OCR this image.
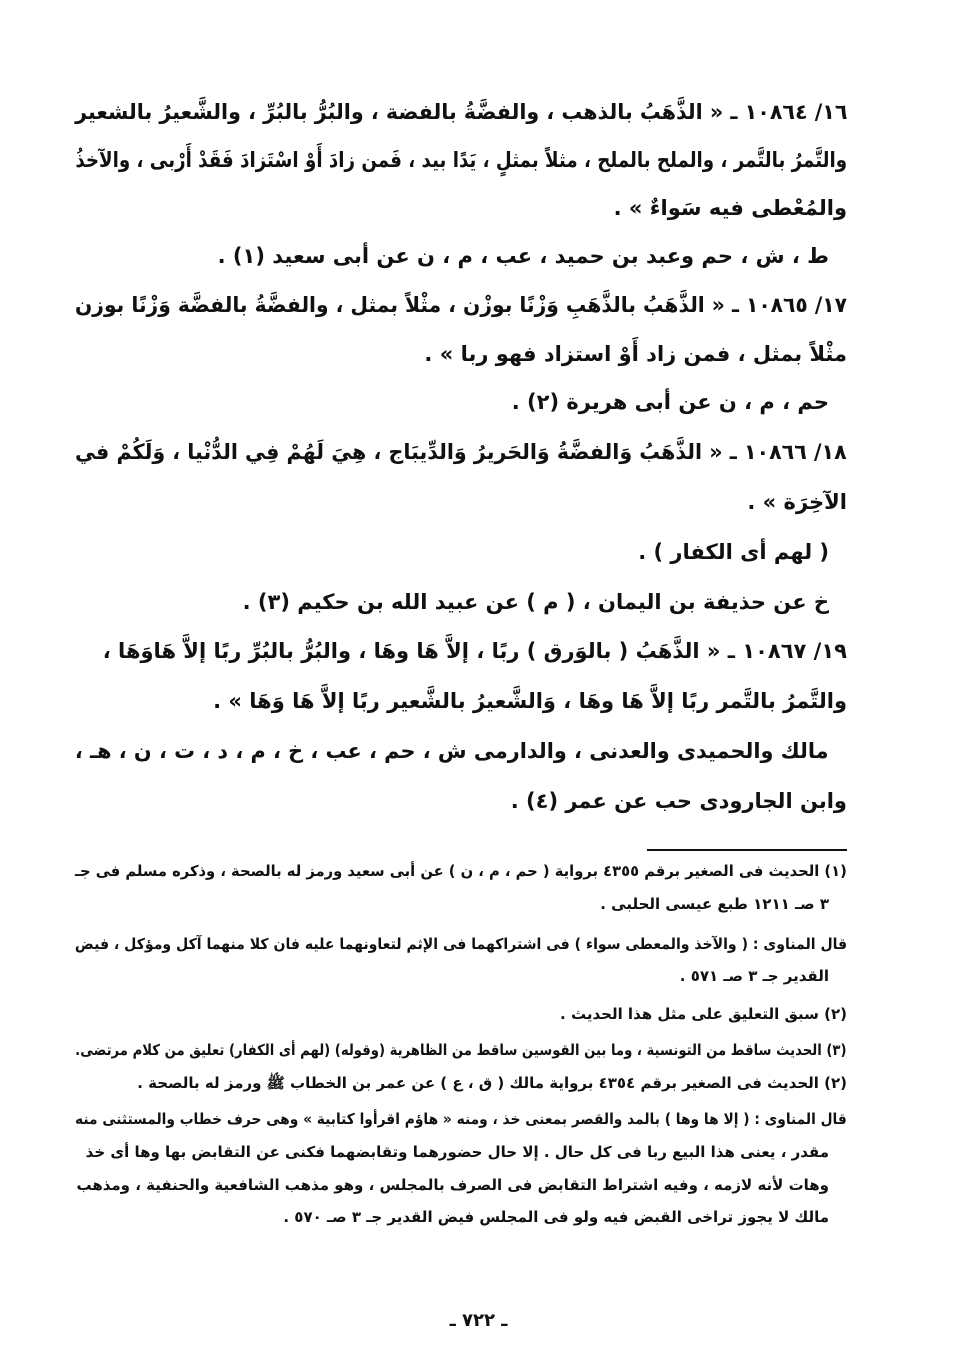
١٦/ ١٠٨٦٤ ـ « الذَّهَبُ بالذهب ، والفضَّةُ بالفضة ، والبُرُّ بالبُرِّ ، والشَّعيرُ بالشعير
والتَّمرُ بالتَّمر ، والملح بالملح ، مثلاً بمثلٍ ، يَدًا بيد ، فَمن زادَ أَوْ اسْتَزادَ فَقَدْ أَرْبى ، والآخذُ
والمُعْطى فيه سَواءٌ » .
ط ، ش ، حم وعبد بن حميد ، عب ، م ، ن عن أبى سعيد (١) .
١٧/ ١٠٨٦٥ ـ « الذَّهَبُ بالذَّهَبِ وَزْنًا بوزْن ، مثْلاً بمثل ، والفضَّةُ بالفضَّة وَزْنًا بوزن
مثْلاً بمثل ، فمن زاد أَوْ استزاد فهو ربا » .
حم ، م ، ن عن أبى هريرة (٢) .
١٨/ ١٠٨٦٦ ـ « الذَّهَبُ وَالفضَّةُ وَالحَريرُ وَالدِّيبَاج ، هِيَ لَهُمْ فِي الدُّنْيا ، وَلَكُمْ في
الآخِرَة » .
( لهم أى الكفار ) .
خ عن حذيفة بن اليمان ، ( م ) عن عبيد الله بن حكيم (٣) .
١٩/ ١٠٨٦٧ ـ « الذَّهَبُ ( بالوَرق ) ربًا ، إلاَّ هَا وهَا ، والبُرُّ بالبُرِّ ربًا إلاَّ هَاوَهَا ،
والتَّمرُ بالتَّمر ربًا إلاَّ هَا وهَا ، وَالشَّعيرُ بالشَّعير ربًا إلاَّ هَا وَهَا » .
مالك والحميدى والعدنى ، والدارمى ش ، حم ، عب ، خ ، م ، د ، ت ، ن ، هـ ،
وابن الجارودى حب عن عمر (٤) .
(١) الحديث فى الصغير برقم ٤٣٥٥ برواية ( حم ، م ، ن ) عن أبى سعيد ورمز له بالصحة ، وذكره مسلم فى جـ
٣ صـ ١٢١١ طبع عيسى الحلبى .
قال المناوى : ( والآخذ والمعطى سواء ) فى اشتراكهما فى الإثم لتعاونهما عليه فان كلا منهما آكل ومؤكل ، فيض
القدير جـ ٣ صـ ٥٧١ .
(٢) سبق التعليق على مثل هذا الحديث .
(٣) الحديث ساقط من التونسية ، وما بين القوسين ساقط من الظاهرية (وقوله) (لهم أى الكفار) تعليق من كلام مرتضى.
(٢) الحديث فى الصغير برقم ٤٣٥٤ برواية مالك ( ق ، ع ) عن عمر بن الخطاب ﷺ ورمز له بالصحة .
قال المناوى : ( إلا ها وها ) بالمد والقصر بمعنى خذ ، ومنه « هاؤم اقرأوا كتابية » وهى حرف خطاب والمستثنى منه
مقدر ، يعنى هذا البيع ربا فى كل حال . إلا حال حضورهما وتقابضهما فكنى عن التقابض بها وها أى خذ
وهات لأنه لازمه ، وفيه اشتراط التقابض فى الصرف بالمجلس ، وهو مذهب الشافعية والحنفية ، ومذهب
مالك لا يجوز تراخى القبض فيه ولو فى المجلس فيض القدير جـ ٣ صـ ٥٧٠ .
ـ ٧٢٢ ـ
